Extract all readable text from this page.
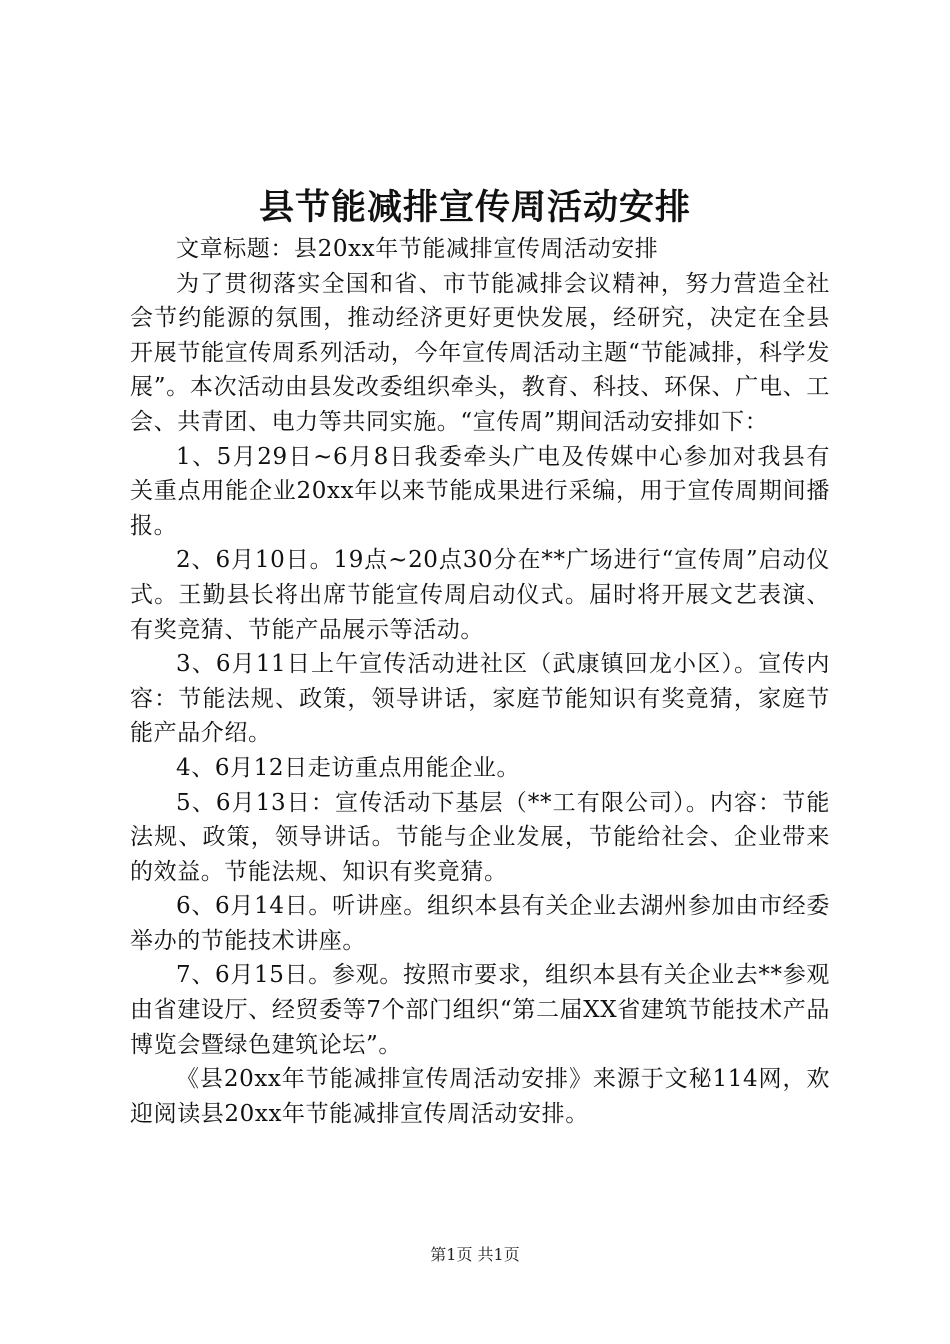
县节能减排宣传周活动安排

文章标题：县20xx年节能减排宣传周活动安排

为了贯彻落实全国和省、市节能减排会议精神，努力营造全社会节约能源的氛围，推动经济更好更快发展，经研究，决定在全县开展节能宣传周系列活动，今年宣传周活动主题“节能减排，科学发展”。本次活动由县发改委组织牵头，教育、科技、环保、广电、工会、共青团、电力等共同实施。“宣传周”期间活动安排如下：

1、5月29日~6月8日我委牵头广电及传媒中心参加对我县有关重点用能企业20xx年以来节能成果进行采编，用于宣传周期间播报。

2、6月10日。19点~20点30分在**广场进行“宣传周”启动仪式。王勤县长将出席节能宣传周启动仪式。届时将开展文艺表演、有奖竞猜、节能产品展示等活动。

3、6月11日上午宣传活动进社区（武康镇回龙小区）。宣传内容：节能法规、政策，领导讲话，家庭节能知识有奖竟猜，家庭节能产品介绍。

4、6月12日走访重点用能企业。

5、6月13日：宣传活动下基层（**工有限公司）。内容：节能法规、政策，领导讲话。节能与企业发展，节能给社会、企业带来的效益。节能法规、知识有奖竟猜。

6、6月14日。听讲座。组织本县有关企业去湖州参加由市经委举办的节能技术讲座。

7、6月15日。参观。按照市要求，组织本县有关企业去**参观由省建设厅、经贸委等7个部门组织“第二届XX省建筑节能技术产品博览会暨绿色建筑论坛”。

《县20xx年节能减排宣传周活动安排》来源于文秘114网，欢迎阅读县20xx年节能减排宣传周活动安排。

第1页 共1页
